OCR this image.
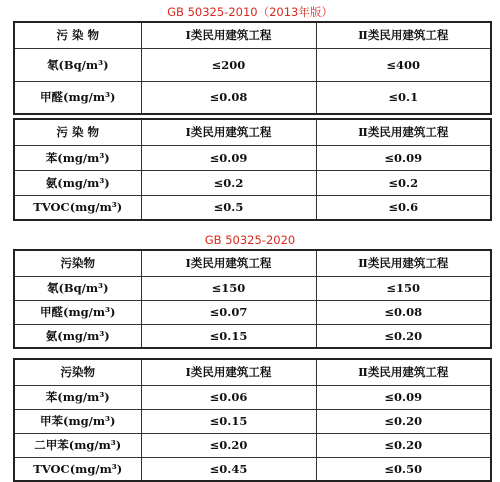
GB 50325-2010（2013年版）
污 染 物	Ⅰ类民用建筑工程	Ⅱ类民用建筑工程
氡(Bq/m³)	≤200	≤400
甲醛(mg/m³)	≤0.08	≤0.1
污 染 物	Ⅰ类民用建筑工程	Ⅱ类民用建筑工程
苯(mg/m³)	≤0.09	≤0.09
氨(mg/m³)	≤0.2	≤0.2
TVOC(mg/m³)	≤0.5	≤0.6
GB 50325-2020
污染物	Ⅰ类民用建筑工程	Ⅱ类民用建筑工程
氡(Bq/m³)	≤150	≤150
甲醛(mg/m³)	≤0.07	≤0.08
氨(mg/m³)	≤0.15	≤0.20
污染物	Ⅰ类民用建筑工程	Ⅱ类民用建筑工程
苯(mg/m³)	≤0.06	≤0.09
甲苯(mg/m³)	≤0.15	≤0.20
二甲苯(mg/m³)	≤0.20	≤0.20
TVOC(mg/m³)	≤0.45	≤0.50
